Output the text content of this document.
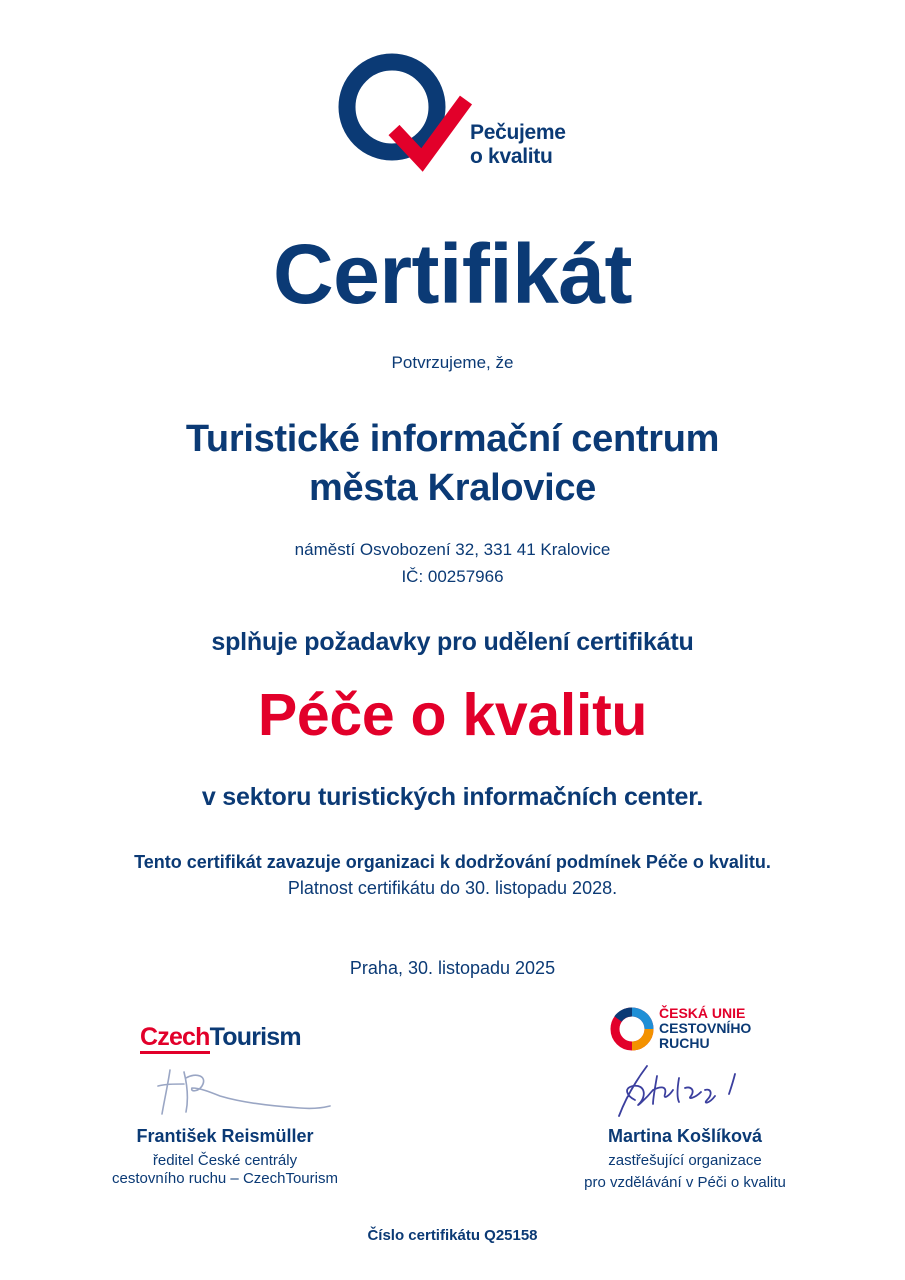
Pečujeme
o kvalitu
Certifikát
Potvrzujeme, že
Turistické informační centrum
města Kralovice
náměstí Osvobození 32, 331 41 Kralovice
IČ: 00257966
splňuje požadavky pro udělení certifikátu
Péče o kvalitu
v sektoru turistických informačních center.
Tento certifikát zavazuje organizaci k dodržování podmínek Péče o kvalitu.
Platnost certifikátu do 30. listopadu 2028.
Praha, 30. listopadu 2025
CzechTourism
František Reismüller
ředitel České centrály
cestovního ruchu – CzechTourism
ČESKÁ UNIE
CESTOVNÍHO
RUCHU
Martina Košlíková
zastřešující organizace
pro vzdělávání v Péči o kvalitu
Číslo certifikátu Q25158
